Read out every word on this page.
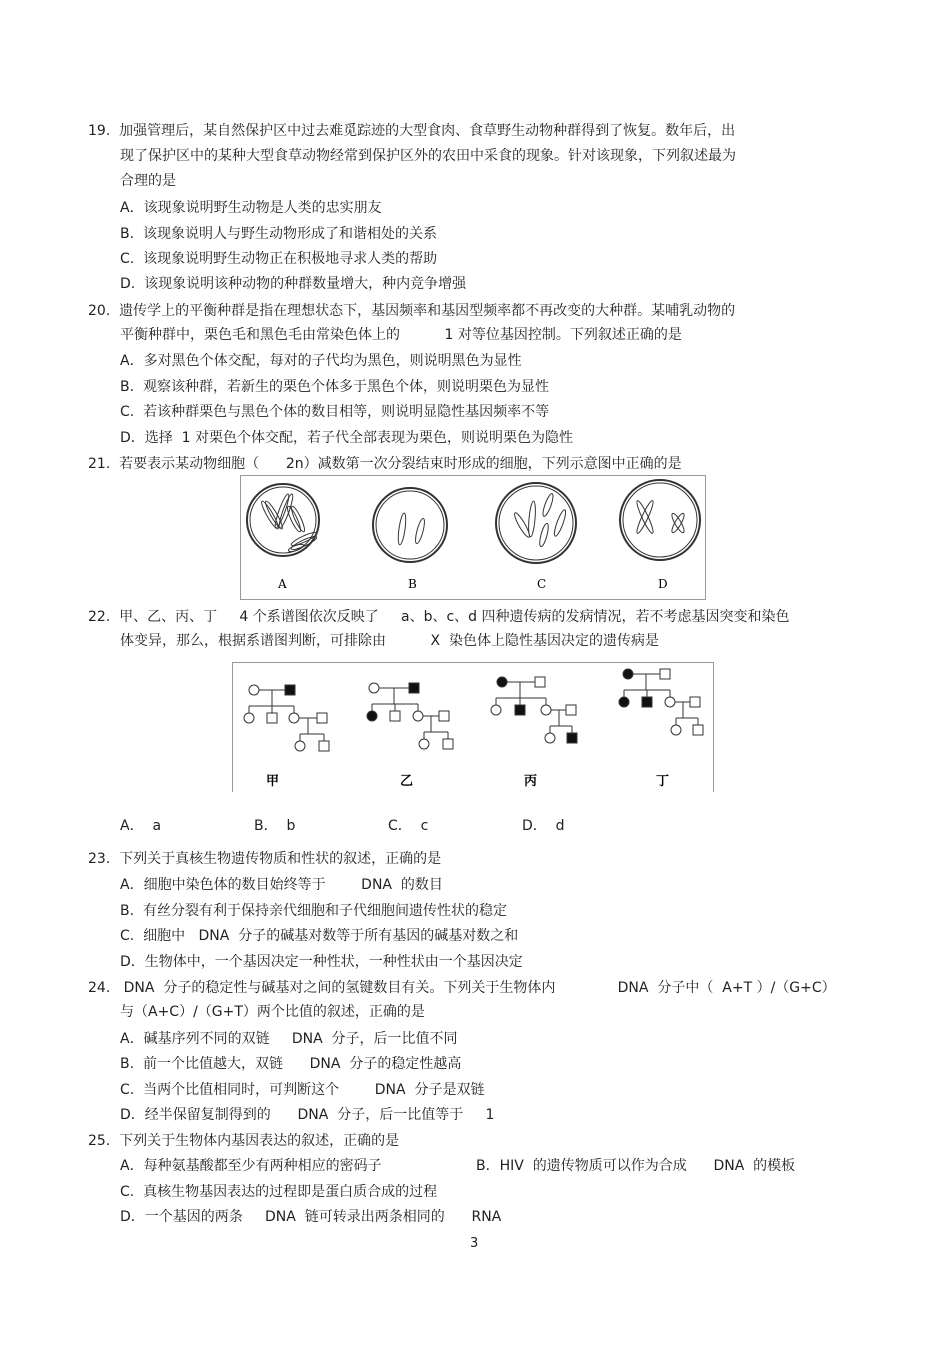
19.  加强管理后，某自然保护区中过去难觅踪迹的大型食肉、食草野生动物种群得到了恢复。数年后，出
现了保护区中的某种大型食草动物经常到保护区外的农田中采食的现象。针对该现象，下列叙述最为
合理的是
A．该现象说明野生动物是人类的忠实朋友
B.  该现象说明人与野生动物形成了和谐相处的关系
C.  该现象说明野生动物正在积极地寻求人类的帮助
D.  该现象说明该种动物的种群数量增大，种内竞争增强
20.  遗传学上的平衡种群是指在理想状态下，基因频率和基因型频率都不再改变的大种群。某哺乳动物的
平衡种群中，栗色毛和黑色毛由常染色体上的          1 对等位基因控制。下列叙述正确的是
A．多对黑色个体交配，每对的子代均为黑色，则说明黑色为显性
B.  观察该种群，若新生的栗色个体多于黑色个体，则说明栗色为显性
C.  若该种群栗色与黑色个体的数目相等，则说明显隐性基因频率不等
D．选择  1 对栗色个体交配，若子代全部表现为栗色，则说明栗色为隐性
21.  若要表示某动物细胞（      2n）减数第一次分裂结束时形成的细胞，下列示意图中正确的是
A	B	C	D
22.  甲、乙、丙、丁     4 个系谱图依次反映了     a、b、c、d 四种遗传病的发病情况，若不考虑基因突变和染色
体变异，那么，根据系谱图判断，可排除由          X  染色体上隐性基因决定的遗传病是
甲	乙	丙	丁
A．  a	B．  b	C．  c	D．  d
23.  下列关于真核生物遗传物质和性状的叙述，正确的是
A．细胞中染色体的数目始终等于        DNA  的数目
B.  有丝分裂有利于保持亲代细胞和子代细胞间遗传性状的稳定
C.  细胞中   DNA  分子的碱基对数等于所有基因的碱基对数之和
D．生物体中，一个基因决定一种性状，一种性状由一个基因决定
24.   DNA  分子的稳定性与碱基对之间的氢键数目有关。下列关于生物体内              DNA  分子中（  A+T ）/（G+C）
与（A+C）/（G+T）两个比值的叙述，正确的是
A．碱基序列不同的双链     DNA  分子，后一比值不同
B.  前一个比值越大，双链      DNA  分子的稳定性越高
C.  当两个比值相同时，可判断这个        DNA  分子是双链
D．经半保留复制得到的      DNA  分子，后一比值等于     1
25.  下列关于生物体内基因表达的叙述，正确的是
A．每种氨基酸都至少有两种相应的密码子	B．HIV  的遗传物质可以作为合成      DNA  的模板
C.  真核生物基因表达的过程即是蛋白质合成的过程
D．一个基因的两条     DNA  链可转录出两条相同的      RNA
3
